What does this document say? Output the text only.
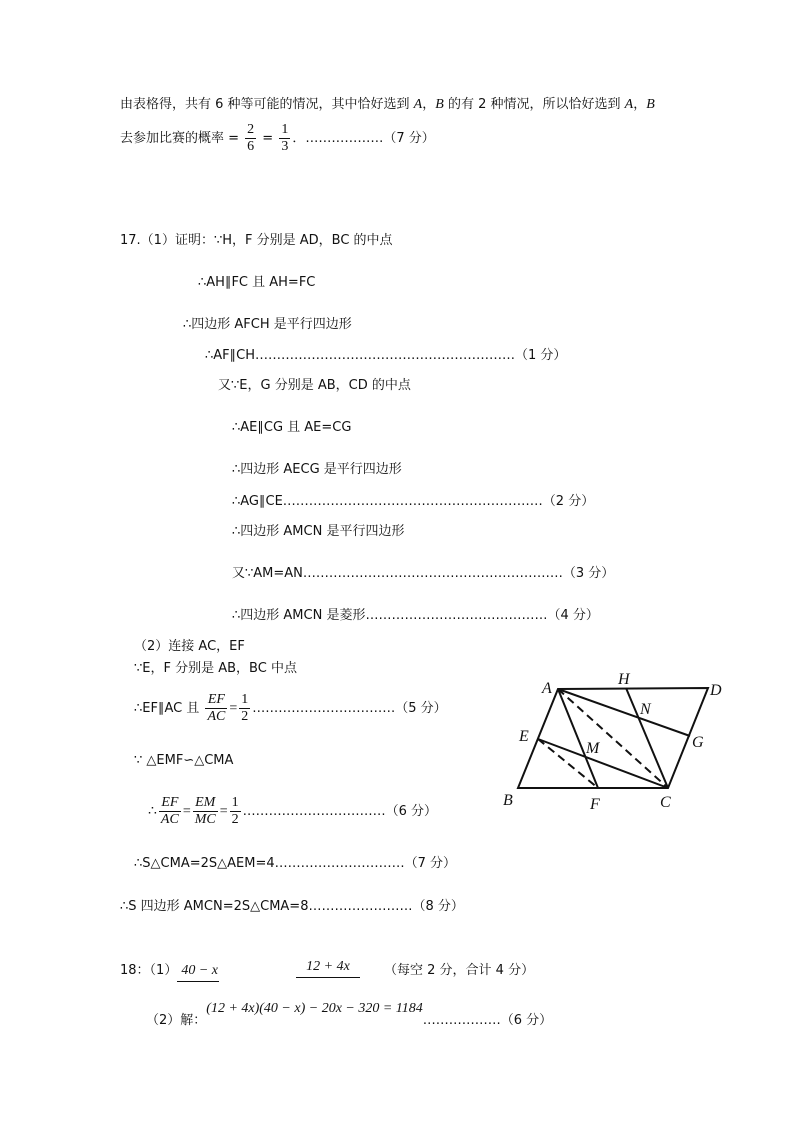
由表格得，共有 6 种等可能的情况，其中恰好选到 A，B 的有 2 种情况，所以恰好选到 A，B
去参加比赛的概率 = $\frac{2}{6} = \frac{1}{3}$ ．………………（7 分）
17.（1）证明：∵H，F 分别是 AD，BC 的中点
∴AH∥FC 且 AH=FC
∴四边形 AFCH 是平行四边形
∴AF∥CH……………………………………………………（1 分）
又∵E，G 分别是 AB，CD 的中点
∴AE∥CG 且 AE=CG
∴四边形 AECG 是平行四边形
∴AG∥CE……………………………………………………（2 分）
∴四边形 AMCN 是平行四边形
又∵AM=AN……………………………………………………（3 分）
∴四边形 AMCN 是菱形……………………………………（4 分）
（2）连接 AC，EF
∵E，F 分别是 AB，BC 中点
∴EF∥AC 且 $\frac{EF}{AC} = \frac{1}{2}$ ……………………………（5 分）
∵ △EMF∽△CMA
∴ $\frac{EF}{AC} = \frac{EM}{MC} = \frac{1}{2}$ ……………………………（6 分）
∴S△CMA=2S△AEM=4…………………………（7 分）
∴S 四边形 AMCN=2S△CMA=8……………………（8 分）
A
H
D
N
E
M	G
B	F	C
18：（1） 40 − x	12 + 4x	（每空 2 分，合计 4 分）
（2）解：(12 + 4x)(40 − x) − 20x − 320 = 1184………………（6 分）
